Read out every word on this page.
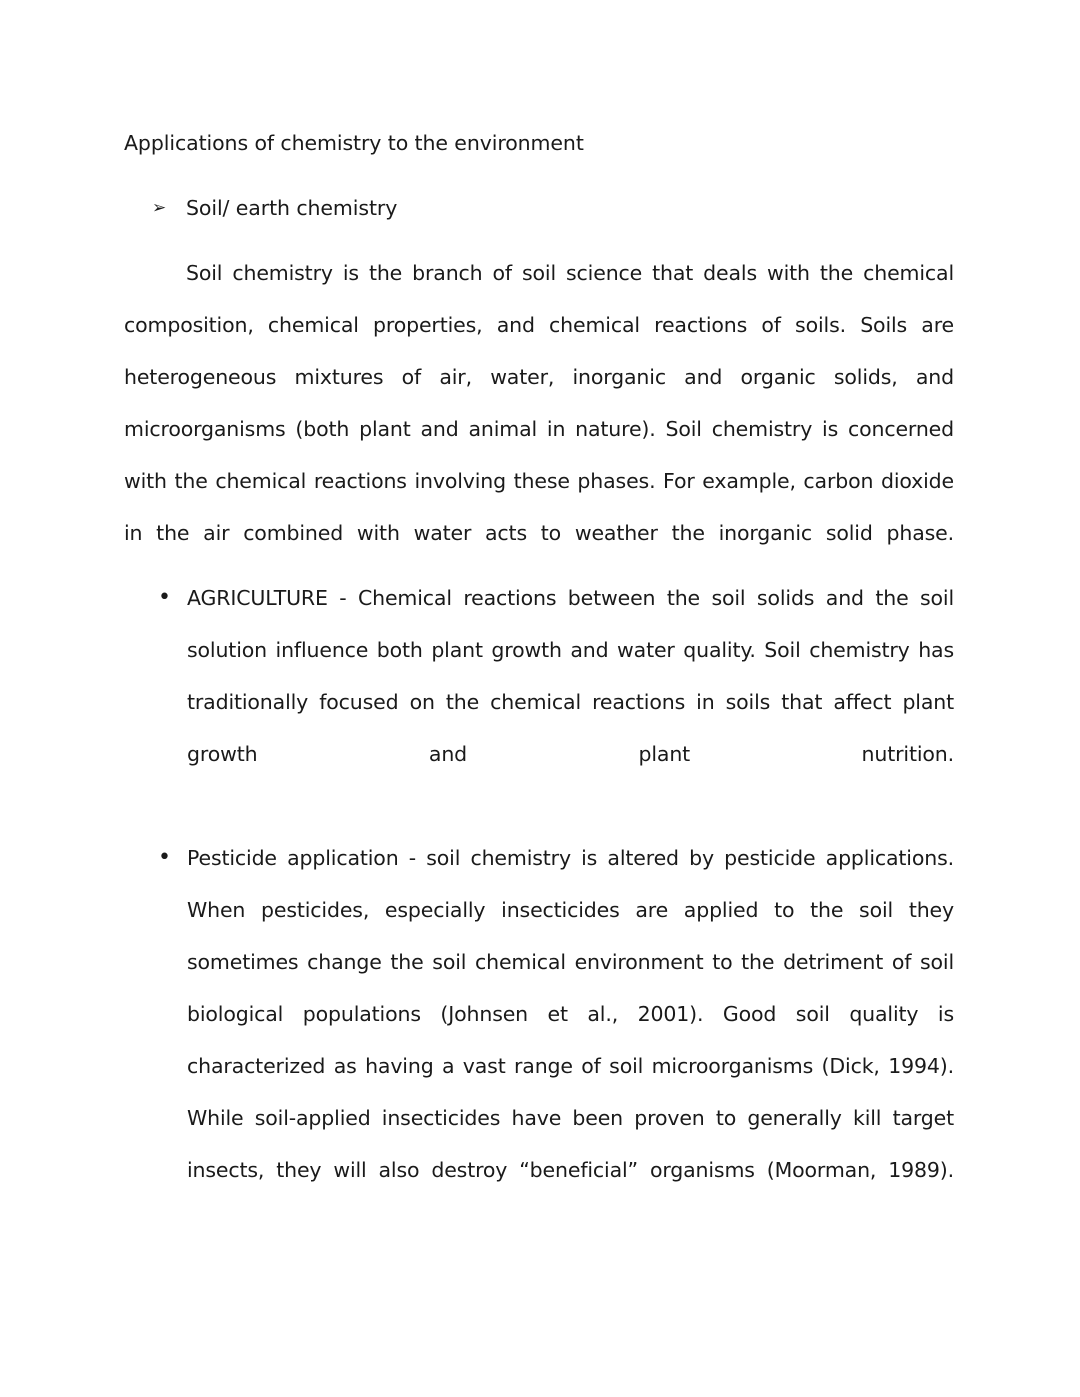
Applications of chemistry to the environment

➢ Soil/ earth chemistry

Soil chemistry is the branch of soil science that deals with the chemical composition, chemical properties, and chemical reactions of soils. Soils are heterogeneous mixtures of air, water, inorganic and organic solids, and microorganisms (both plant and animal in nature). Soil chemistry is concerned with the chemical reactions involving these phases. For example, carbon dioxide in the air combined with water acts to weather the inorganic solid phase.

• AGRICULTURE - Chemical reactions between the soil solids and the soil solution influence both plant growth and water quality. Soil chemistry has traditionally focused on the chemical reactions in soils that affect plant growth and plant nutrition.
• Pesticide application - soil chemistry is altered by pesticide applications. When pesticides, especially insecticides are applied to the soil they sometimes change the soil chemical environment to the detriment of soil biological populations (Johnsen et al., 2001). Good soil quality is characterized as having a vast range of soil microorganisms (Dick, 1994). While soil-applied insecticides have been proven to generally kill target insects, they will also destroy “beneficial” organisms (Moorman, 1989).
